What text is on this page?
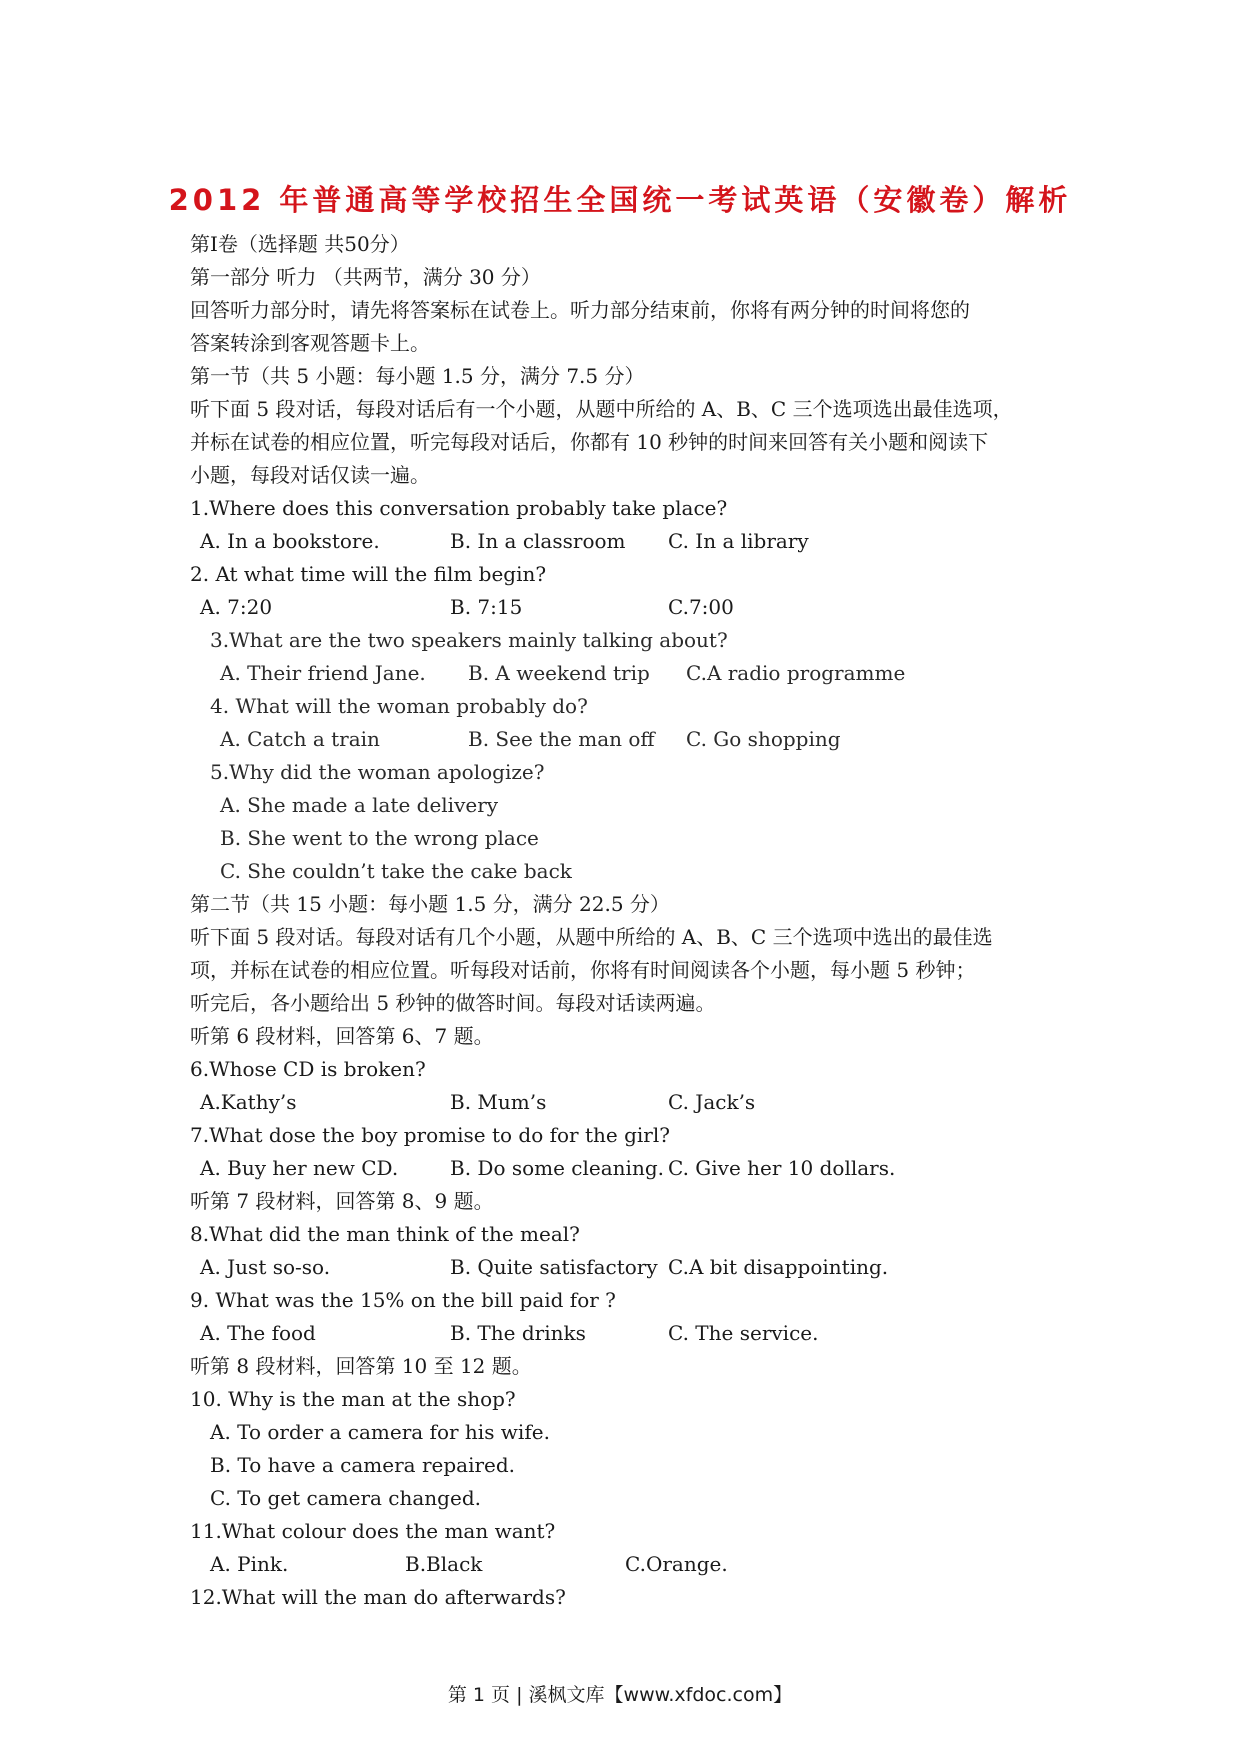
2012 年普通高等学校招生全国统一考试英语（安徽卷）解析
第Ⅰ卷（选择题 共50分）
第一部分 听力 （共两节，满分 30 分）
回答听力部分时，请先将答案标在试卷上。听力部分结束前，你将有两分钟的时间将您的
答案转涂到客观答题卡上。
第一节（共 5 小题：每小题 1.5 分，满分 7.5 分）
听下面 5 段对话，每段对话后有一个小题，从题中所给的 A、B、C 三个选项选出最佳选项，
并标在试卷的相应位置，听完每段对话后，你都有 10 秒钟的时间来回答有关小题和阅读下
小题，每段对话仅读一遍。
1.Where does this conversation probably take place?
A. In a bookstore.	B. In a classroom C. In a library
2. At what time will the film begin?
A. 7:20	B. 7:15	C.7:00
3.What are the two speakers mainly talking about?
A. Their friend Jane. B. A weekend trip C.A radio programme
4. What will the woman probably do?
A. Catch a train	B. See the man off C. Go shopping
5.Why did the woman apologize?
A. She made a late delivery
B. She went to the wrong place
C. She couldn’t take the cake back
第二节（共 15 小题：每小题 1.5 分，满分 22.5 分）
听下面 5 段对话。每段对话有几个小题，从题中所给的 A、B、C 三个选项中选出的最佳选
项，并标在试卷的相应位置。听每段对话前，你将有时间阅读各个小题，每小题 5 秒钟；
听完后，各小题给出 5 秒钟的做答时间。每段对话读两遍。
听第 6 段材料，回答第 6、7 题。
6.Whose CD is broken?
A.Kathy’s	B. Mum’s	C. Jack’s
7.What dose the boy promise to do for the girl?
A. Buy her new CD.	B. Do some cleaning. C. Give her 10 dollars.
听第 7 段材料，回答第 8、9 题。
8.What did the man think of the meal?
A. Just so-so.	B. Quite satisfactory C.A bit disappointing.
9. What was the 15% on the bill paid for ?
A. The food	B. The drinks	C. The service.
听第 8 段材料，回答第 10 至 12 题。
10. Why is the man at the shop?
A. To order a camera for his wife.
B. To have a camera repaired.
C. To get camera changed.
11.What colour does the man want?
A. Pink.	B.Black	C.Orange.
12.What will the man do afterwards?
第 1 页 | 溪枫文库【www.xfdoc.com】
